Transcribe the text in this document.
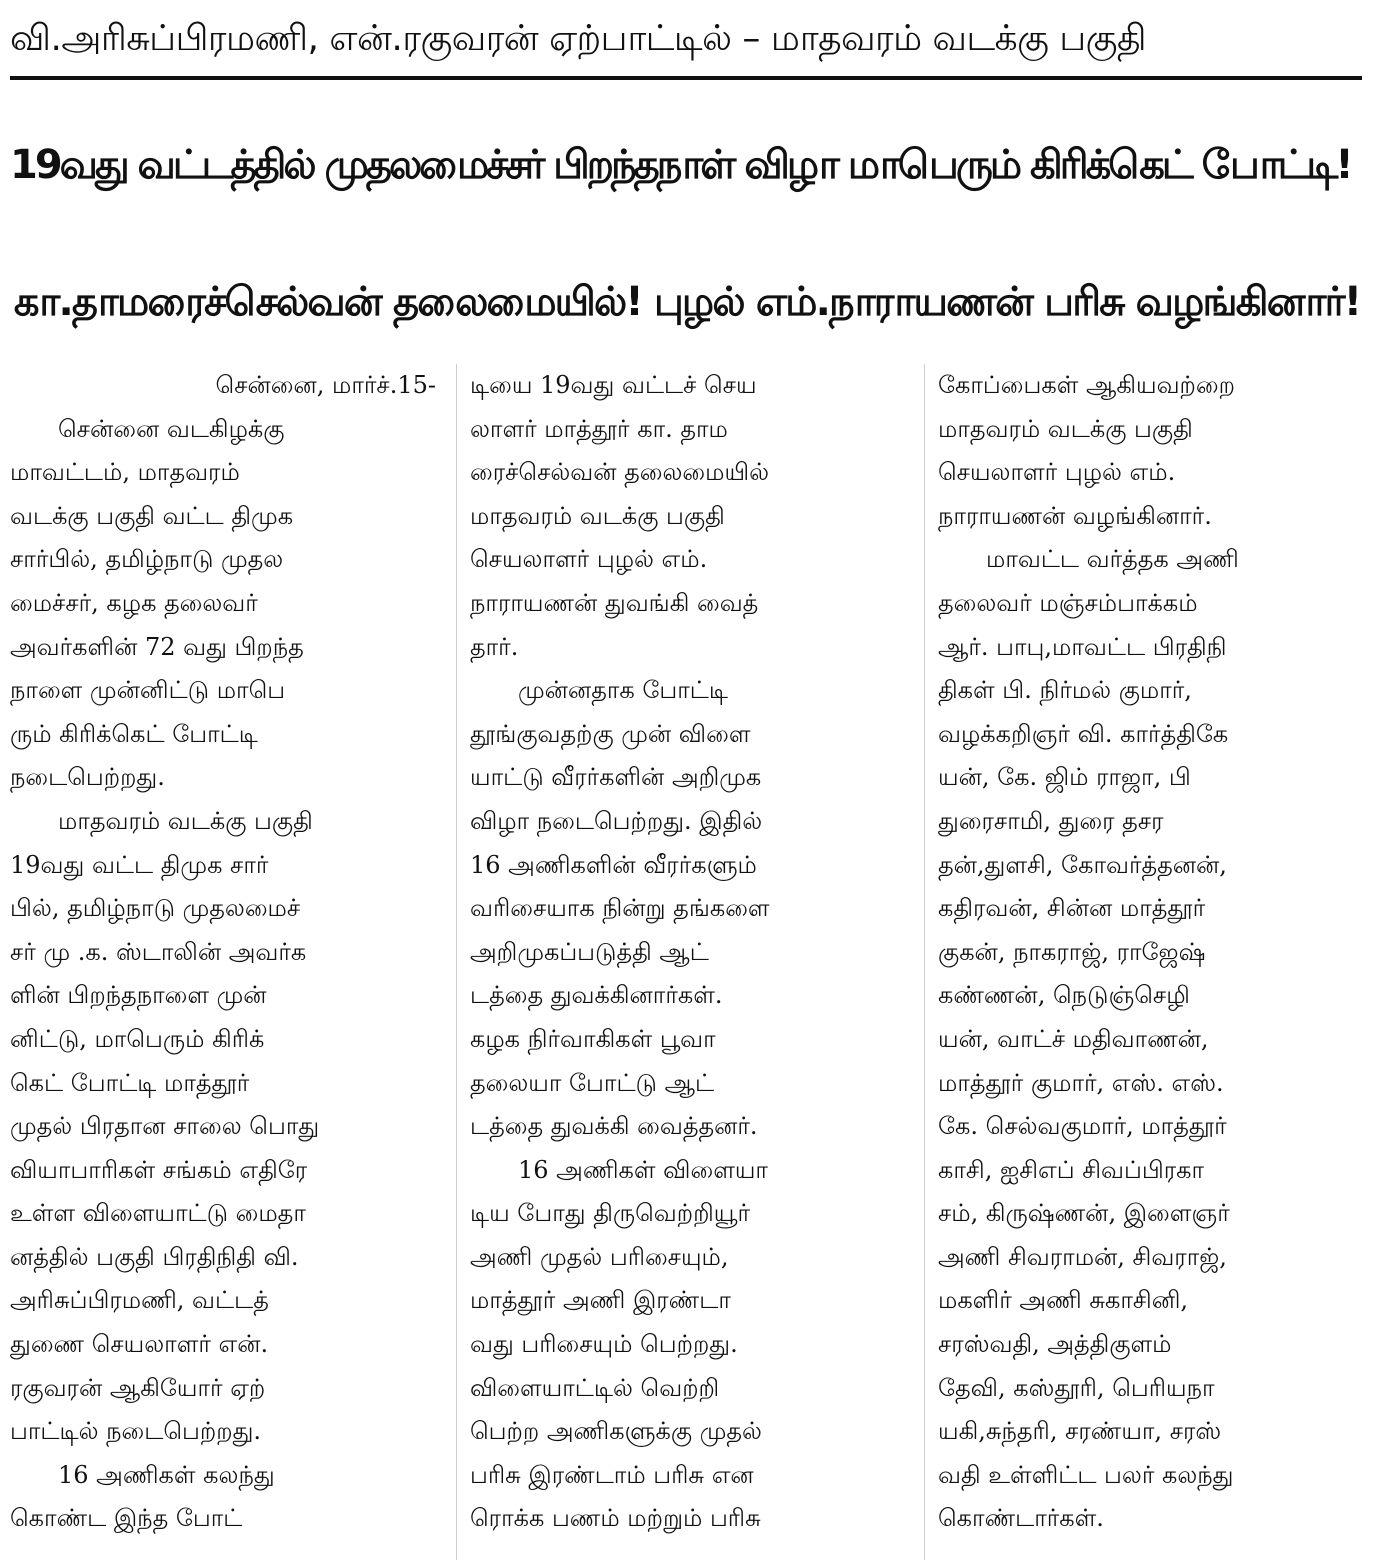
வி.அரிசுப்பிரமணி, என்.ரகுவரன் ஏற்பாட்டில் – மாதவரம் வடக்கு பகுதி
19வது வட்டத்தில் முதலமைச்சர் பிறந்தநாள் விழா மாபெரும் கிரிக்கெட் போட்டி!
கா.தாமரைச்செல்வன் தலைமையில்! புழல் எம்.நாராயணன் பரிசு வழங்கினார்!
சென்னை, மார்ச்.15-
சென்னை வடகிழக்கு
மாவட்டம், மாதவரம்
வடக்கு பகுதி வட்ட திமுக
சார்பில், தமிழ்நாடு முதல
மைச்சர், கழக தலைவர்
அவர்களின் 72 வது பிறந்த
நாளை முன்னிட்டு மாபெ
ரும் கிரிக்கெட் போட்டி
நடைபெற்றது.
மாதவரம் வடக்கு பகுதி
19வது வட்ட திமுக சார்
பில், தமிழ்நாடு முதலமைச்
சர் மு .க. ஸ்டாலின் அவர்க
ளின் பிறந்தநாளை முன்
னிட்டு, மாபெரும் கிரிக்
கெட் போட்டி மாத்தூர்
முதல் பிரதான சாலை பொது
வியாபாரிகள் சங்கம் எதிரே
உள்ள விளையாட்டு மைதா
னத்தில் பகுதி பிரதிநிதி வி.
அரிசுப்பிரமணி, வட்டத்
துணை செயலாளர் என்.
ரகுவரன் ஆகியோர் ஏற்
பாட்டில் நடைபெற்றது.
16 அணிகள் கலந்து
கொண்ட இந்த போட்
டியை 19வது வட்டச் செய
லாளர் மாத்தூர் கா. தாம
ரைச்செல்வன் தலைமையில்
மாதவரம் வடக்கு பகுதி
செயலாளர் புழல் எம்.
நாராயணன் துவங்கி வைத்
தார்.
முன்னதாக போட்டி
தூங்குவதற்கு முன் விளை
யாட்டு வீரர்களின் அறிமுக
விழா நடைபெற்றது. இதில்
16 அணிகளின் வீரர்களும்
வரிசையாக நின்று தங்களை
அறிமுகப்படுத்தி ஆட்
டத்தை துவக்கினார்கள்.
கழக நிர்வாகிகள் பூவா
தலையா போட்டு ஆட்
டத்தை துவக்கி வைத்தனர்.
16 அணிகள் விளையா
டிய போது திருவெற்றியூர்
அணி முதல் பரிசையும்,
மாத்தூர் அணி இரண்டா
வது பரிசையும் பெற்றது.
விளையாட்டில் வெற்றி
பெற்ற அணிகளுக்கு முதல்
பரிசு இரண்டாம் பரிசு என
ரொக்க பணம் மற்றும் பரிசு
கோப்பைகள் ஆகியவற்றை
மாதவரம் வடக்கு பகுதி
செயலாளர் புழல் எம்.
நாராயணன் வழங்கினார்.
மாவட்ட வர்த்தக அணி
தலைவர் மஞ்சம்பாக்கம்
ஆர். பாபு,மாவட்ட பிரதிநி
திகள் பி. நிர்மல் குமார்,
வழக்கறிஞர் வி. கார்த்திகே
யன், கே. ஜிம் ராஜா, பி
துரைசாமி, துரை தசர
தன்,துளசி, கோவர்த்தனன்,
கதிரவன், சின்ன மாத்தூர்
குகன், நாகராஜ், ராஜேஷ்
கண்ணன், நெடுஞ்செழி
யன், வாட்ச் மதிவாணன்,
மாத்தூர் குமார், எஸ். எஸ்.
கே. செல்வகுமார், மாத்தூர்
காசி, ஐசிஎப் சிவப்பிரகா
சம், கிருஷ்ணன், இளைஞர்
அணி சிவராமன், சிவராஜ்,
மகளிர் அணி சுகாசினி,
சரஸ்வதி, அத்திகுளம்
தேவி, கஸ்தூரி, பெரியநா
யகி,சுந்தரி, சரண்யா, சரஸ்
வதி உள்ளிட்ட பலர் கலந்து
கொண்டார்கள்.
